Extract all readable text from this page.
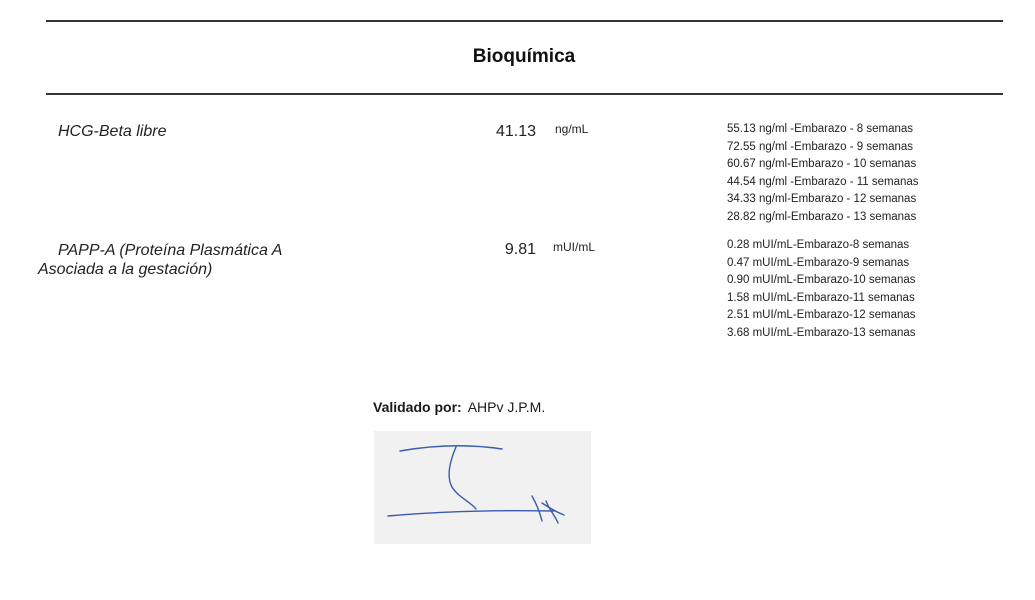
Bioquímica
HCG-Beta libre	41.13 ng/mL	55.13 ng/ml -Embarazo - 8 semanas
72.55 ng/ml -Embarazo - 9 semanas
60.67 ng/ml-Embarazo - 10 semanas
44.54 ng/ml -Embarazo - 11 semanas
34.33 ng/ml-Embarazo - 12 semanas
28.82 ng/ml-Embarazo - 13 semanas
PAPP-A (Proteína Plasmática A
Asociada a la gestación)
9.81 mUI/mL	0.28 mUI/mL-Embarazo-8 semanas
0.47 mUI/mL-Embarazo-9 semanas
0.90 mUI/mL-Embarazo-10 semanas
1.58 mUI/mL-Embarazo-11 semanas
2.51 mUI/mL-Embarazo-12 semanas
3.68 mUI/mL-Embarazo-13 semanas
Validado por: AHPv J.P.M.
